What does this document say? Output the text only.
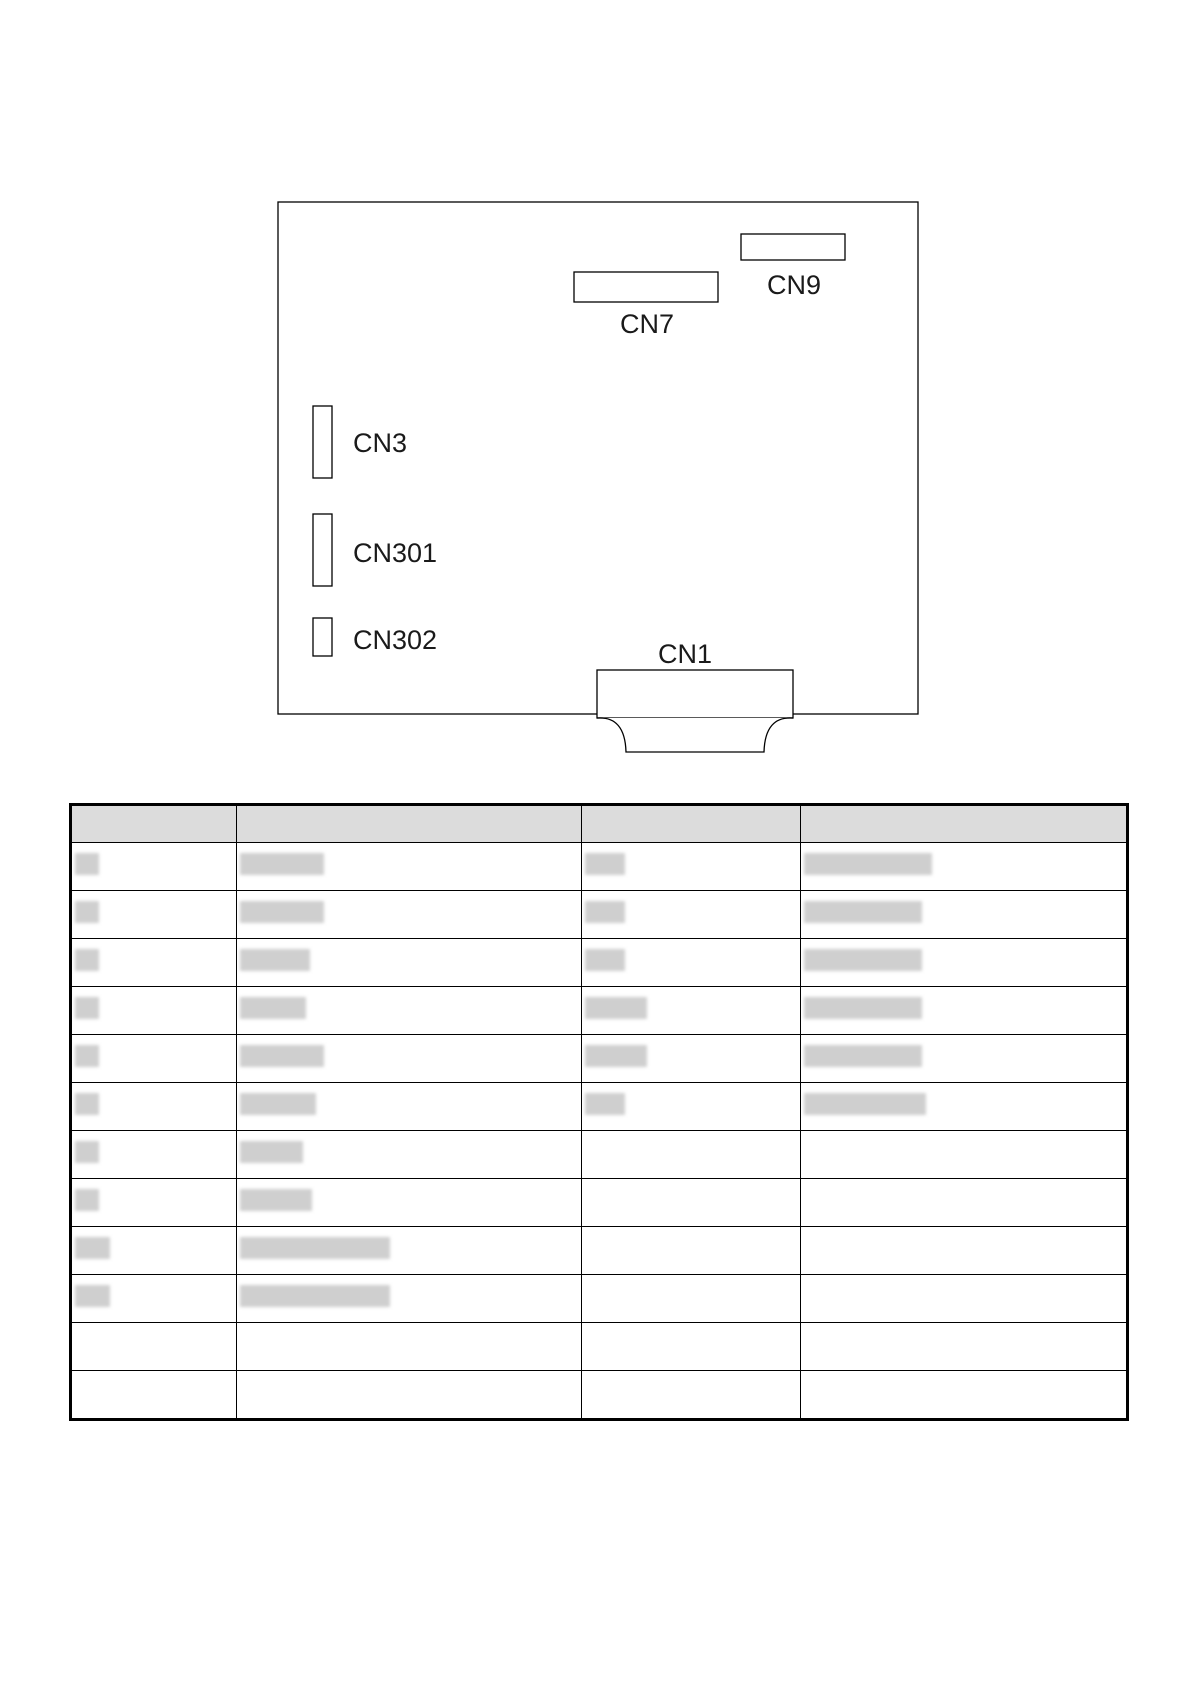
CN9
CN7
CN3
CN301
CN302	CN1
